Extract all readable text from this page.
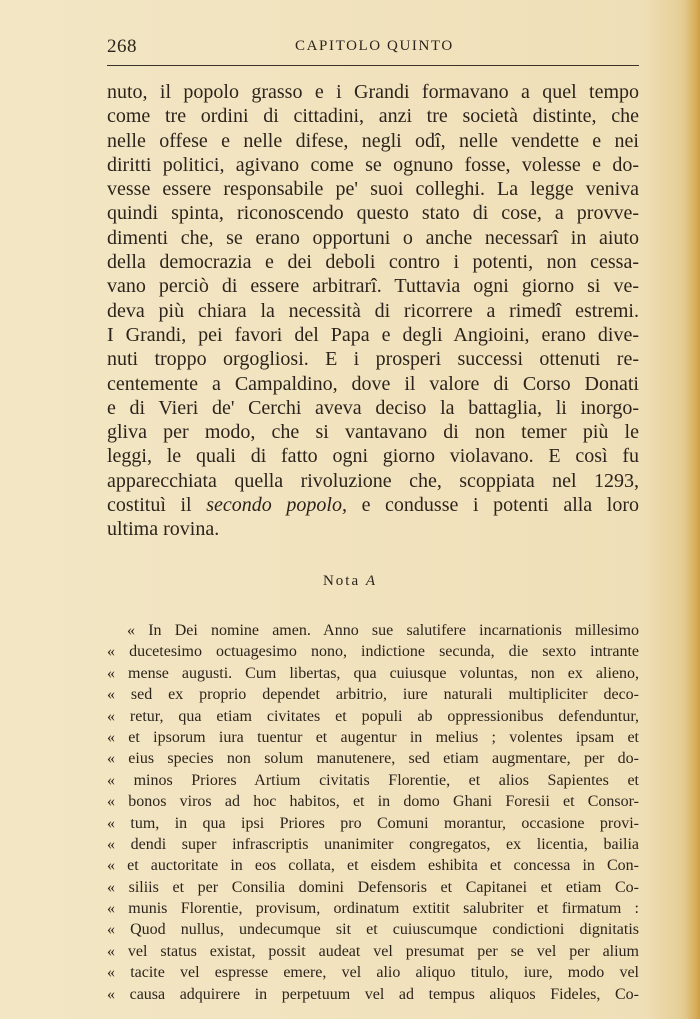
268	CAPITOLO QUINTO
nuto, il popolo grasso e i Grandi formavano a quel tempo
come tre ordini di cittadini, anzi tre società distinte, che
nelle offese e nelle difese, negli odî, nelle vendette e nei
diritti politici, agivano come se ognuno fosse, volesse e do-
vesse essere responsabile pe' suoi colleghi. La legge veniva
quindi spinta, riconoscendo questo stato di cose, a provve-
dimenti che, se erano opportuni o anche necessarî in aiuto
della democrazia e dei deboli contro i potenti, non cessa-
vano perciò di essere arbitrarî. Tuttavia ogni giorno si ve-
deva più chiara la necessità di ricorrere a rimedî estremi.
I Grandi, pei favori del Papa e degli Angioini, erano dive-
nuti troppo orgogliosi. E i prosperi successi ottenuti re-
centemente a Campaldino, dove il valore di Corso Donati
e di Vieri de' Cerchi aveva deciso la battaglia, li inorgo-
gliva per modo, che si vantavano di non temer più le
leggi, le quali di fatto ogni giorno violavano. E così fu
apparecchiata quella rivoluzione che, scoppiata nel 1293,
costituì il secondo popolo, e condusse i potenti alla loro
ultima rovina.
Nota A
« In Dei nomine amen. Anno sue salutifere incarnationis millesimo
« ducetesimo octuagesimo nono, indictione secunda, die sexto intrante
« mense augusti. Cum libertas, qua cuiusque voluntas, non ex alieno,
« sed ex proprio dependet arbitrio, iure naturali multipliciter deco-
« retur, qua etiam civitates et populi ab oppressionibus defenduntur,
« et ipsorum iura tuentur et augentur in melius ; volentes ipsam et
« eius species non solum manutenere, sed etiam augmentare, per do-
« minos Priores Artium civitatis Florentie, et alios Sapientes et
« bonos viros ad hoc habitos, et in domo Ghani Foresii et Consor-
« tum, in qua ipsi Priores pro Comuni morantur, occasione provi-
« dendi super infrascriptis unanimiter congregatos, ex licentia, bailia
« et auctoritate in eos collata, et eisdem eshibita et concessa in Con-
« siliis et per Consilia domini Defensoris et Capitanei et etiam Co-
« munis Florentie, provisum, ordinatum extitit salubriter et firmatum :
« Quod nullus, undecumque sit et cuiuscumque condictioni dignitatis
« vel status existat, possit audeat vel presumat per se vel per alium
« tacite vel espresse emere, vel alio aliquo titulo, iure, modo vel
« causa adquirere in perpetuum vel ad tempus aliquos Fideles, Co-
